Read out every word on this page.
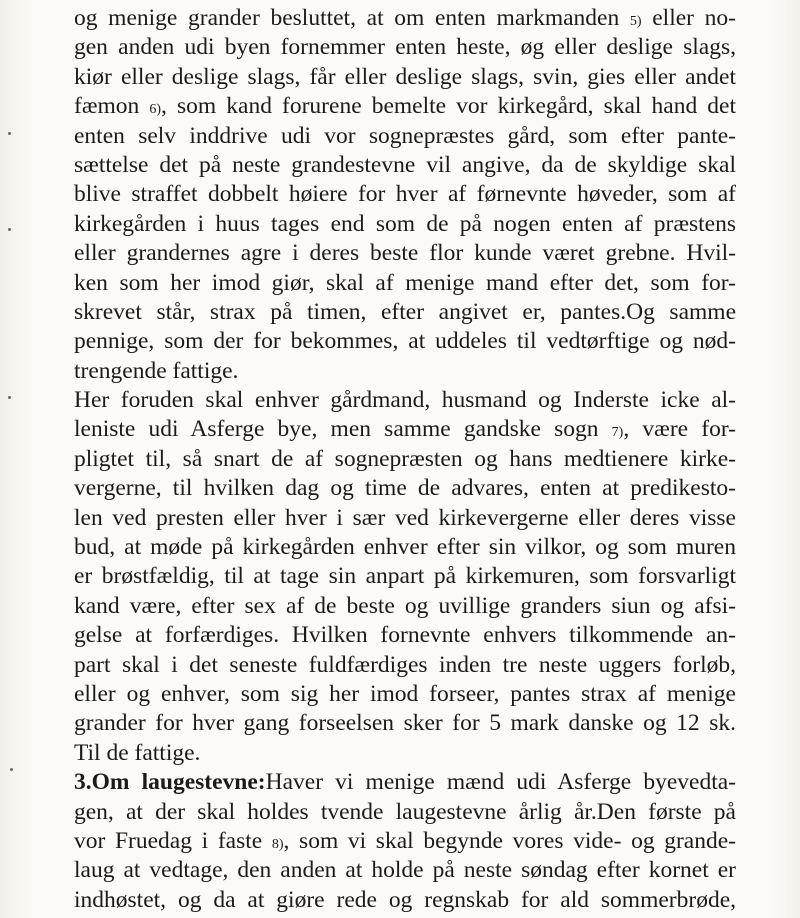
og menige grander besluttet, at om enten markmanden 5) eller no-
gen anden udi byen fornemmer enten heste, øg eller deslige slags,
kiør eller deslige slags, får eller deslige slags, svin, gies eller andet
fæmon 6), som kand forurene bemelte vor kirkegård, skal hand det
enten selv inddrive udi vor sognepræstes gård, som efter pante-
sættelse det på neste grandestevne vil angive, da de skyldige skal
blive straffet dobbelt høiere for hver af førnevnte høveder, som af
kirkegården i huus tages end som de på nogen enten af præstens
eller grandernes agre i deres beste flor kunde været grebne. Hvil-
ken som her imod giør, skal af menige mand efter det, som for-
skrevet står, strax på timen, efter angivet er, pantes.Og samme
pennige, som der for bekommes, at uddeles til vedtørftige og nød-
trengende fattige.
Her foruden skal enhver gårdmand, husmand og Inderste icke al-
leniste udi Asferge bye, men samme gandske sogn 7), være for-
pligtet til, så snart de af sognepræsten og hans medtienere kirke-
vergerne, til hvilken dag og time de advares, enten at predikesto-
len ved presten eller hver i sær ved kirkevergerne eller deres visse
bud, at møde på kirkegården enhver efter sin vilkor, og som muren
er brøstfældig, til at tage sin anpart på kirkemuren, som forsvarligt
kand være, efter sex af de beste og uvillige granders siun og afsi-
gelse at forfærdiges. Hvilken fornevnte enhvers tilkommende an-
part skal i det seneste fuldfærdiges inden tre neste uggers forløb,
eller og enhver, som sig her imod forseer, pantes strax af menige
grander for hver gang forseelsen sker for 5 mark danske og 12 sk.
Til de fattige.
3.Om laugestevne:Haver vi menige mænd udi Asferge byevedta-
gen, at der skal holdes tvende laugestevne årlig år.Den første på
vor Fruedag i faste 8), som vi skal begynde vores vide- og grande-
laug at vedtage, den anden at holde på neste søndag efter kornet er
indhøstet, og da at giøre rede og regnskab for ald sommerbrøde,
